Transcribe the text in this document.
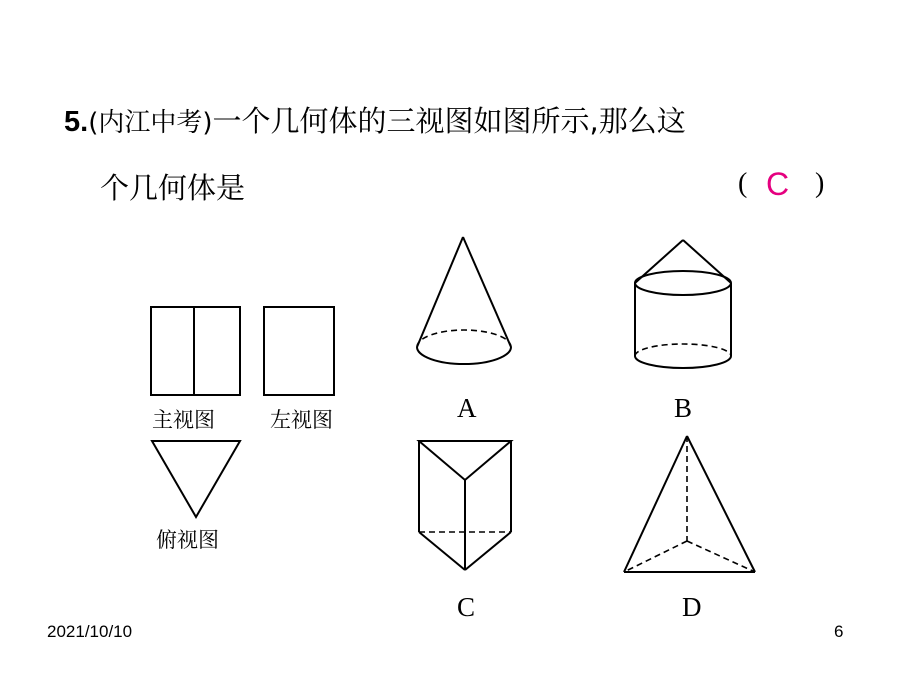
5.(内江中考)一个几何体的三视图如图所示,那么这
个几何体是	( C )
主视图	左视图
俯视图
A	B
C	D
2021/10/10	6
